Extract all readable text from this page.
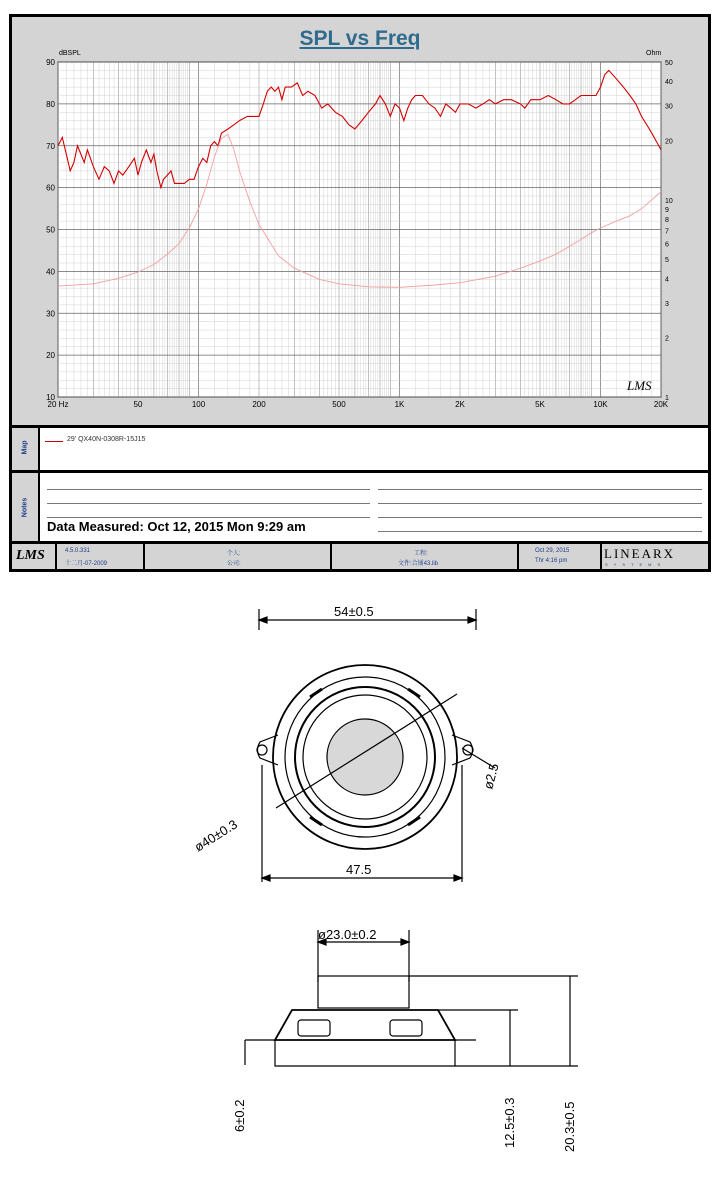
SPL vs Freq
dBSPL	Ohm
20 Hz	50	100	200	500	1K	2K	5K	10K	20K
90
80
70
60
50
40
30
20
10
50
40
30
20
10
9
8
7
6
5
4
3
2
1
LMS
Map
29' QX40N-0308R-15J15
Notes
Data Measured: Oct 12, 2015 Mon 9:29 am
LMS	4.5.0.331
十二月-07-2009
个人:
公司:
工程:
文件:合铺43.lib
Oct 29, 2015
Thr 4:16 pm	LINEARX
SYSTEMS
54±0.5
ø40±0.3
ø2.5
47.5
ø23.0±0.2
6±0.2	12.5±0.3	20.3±0.5
